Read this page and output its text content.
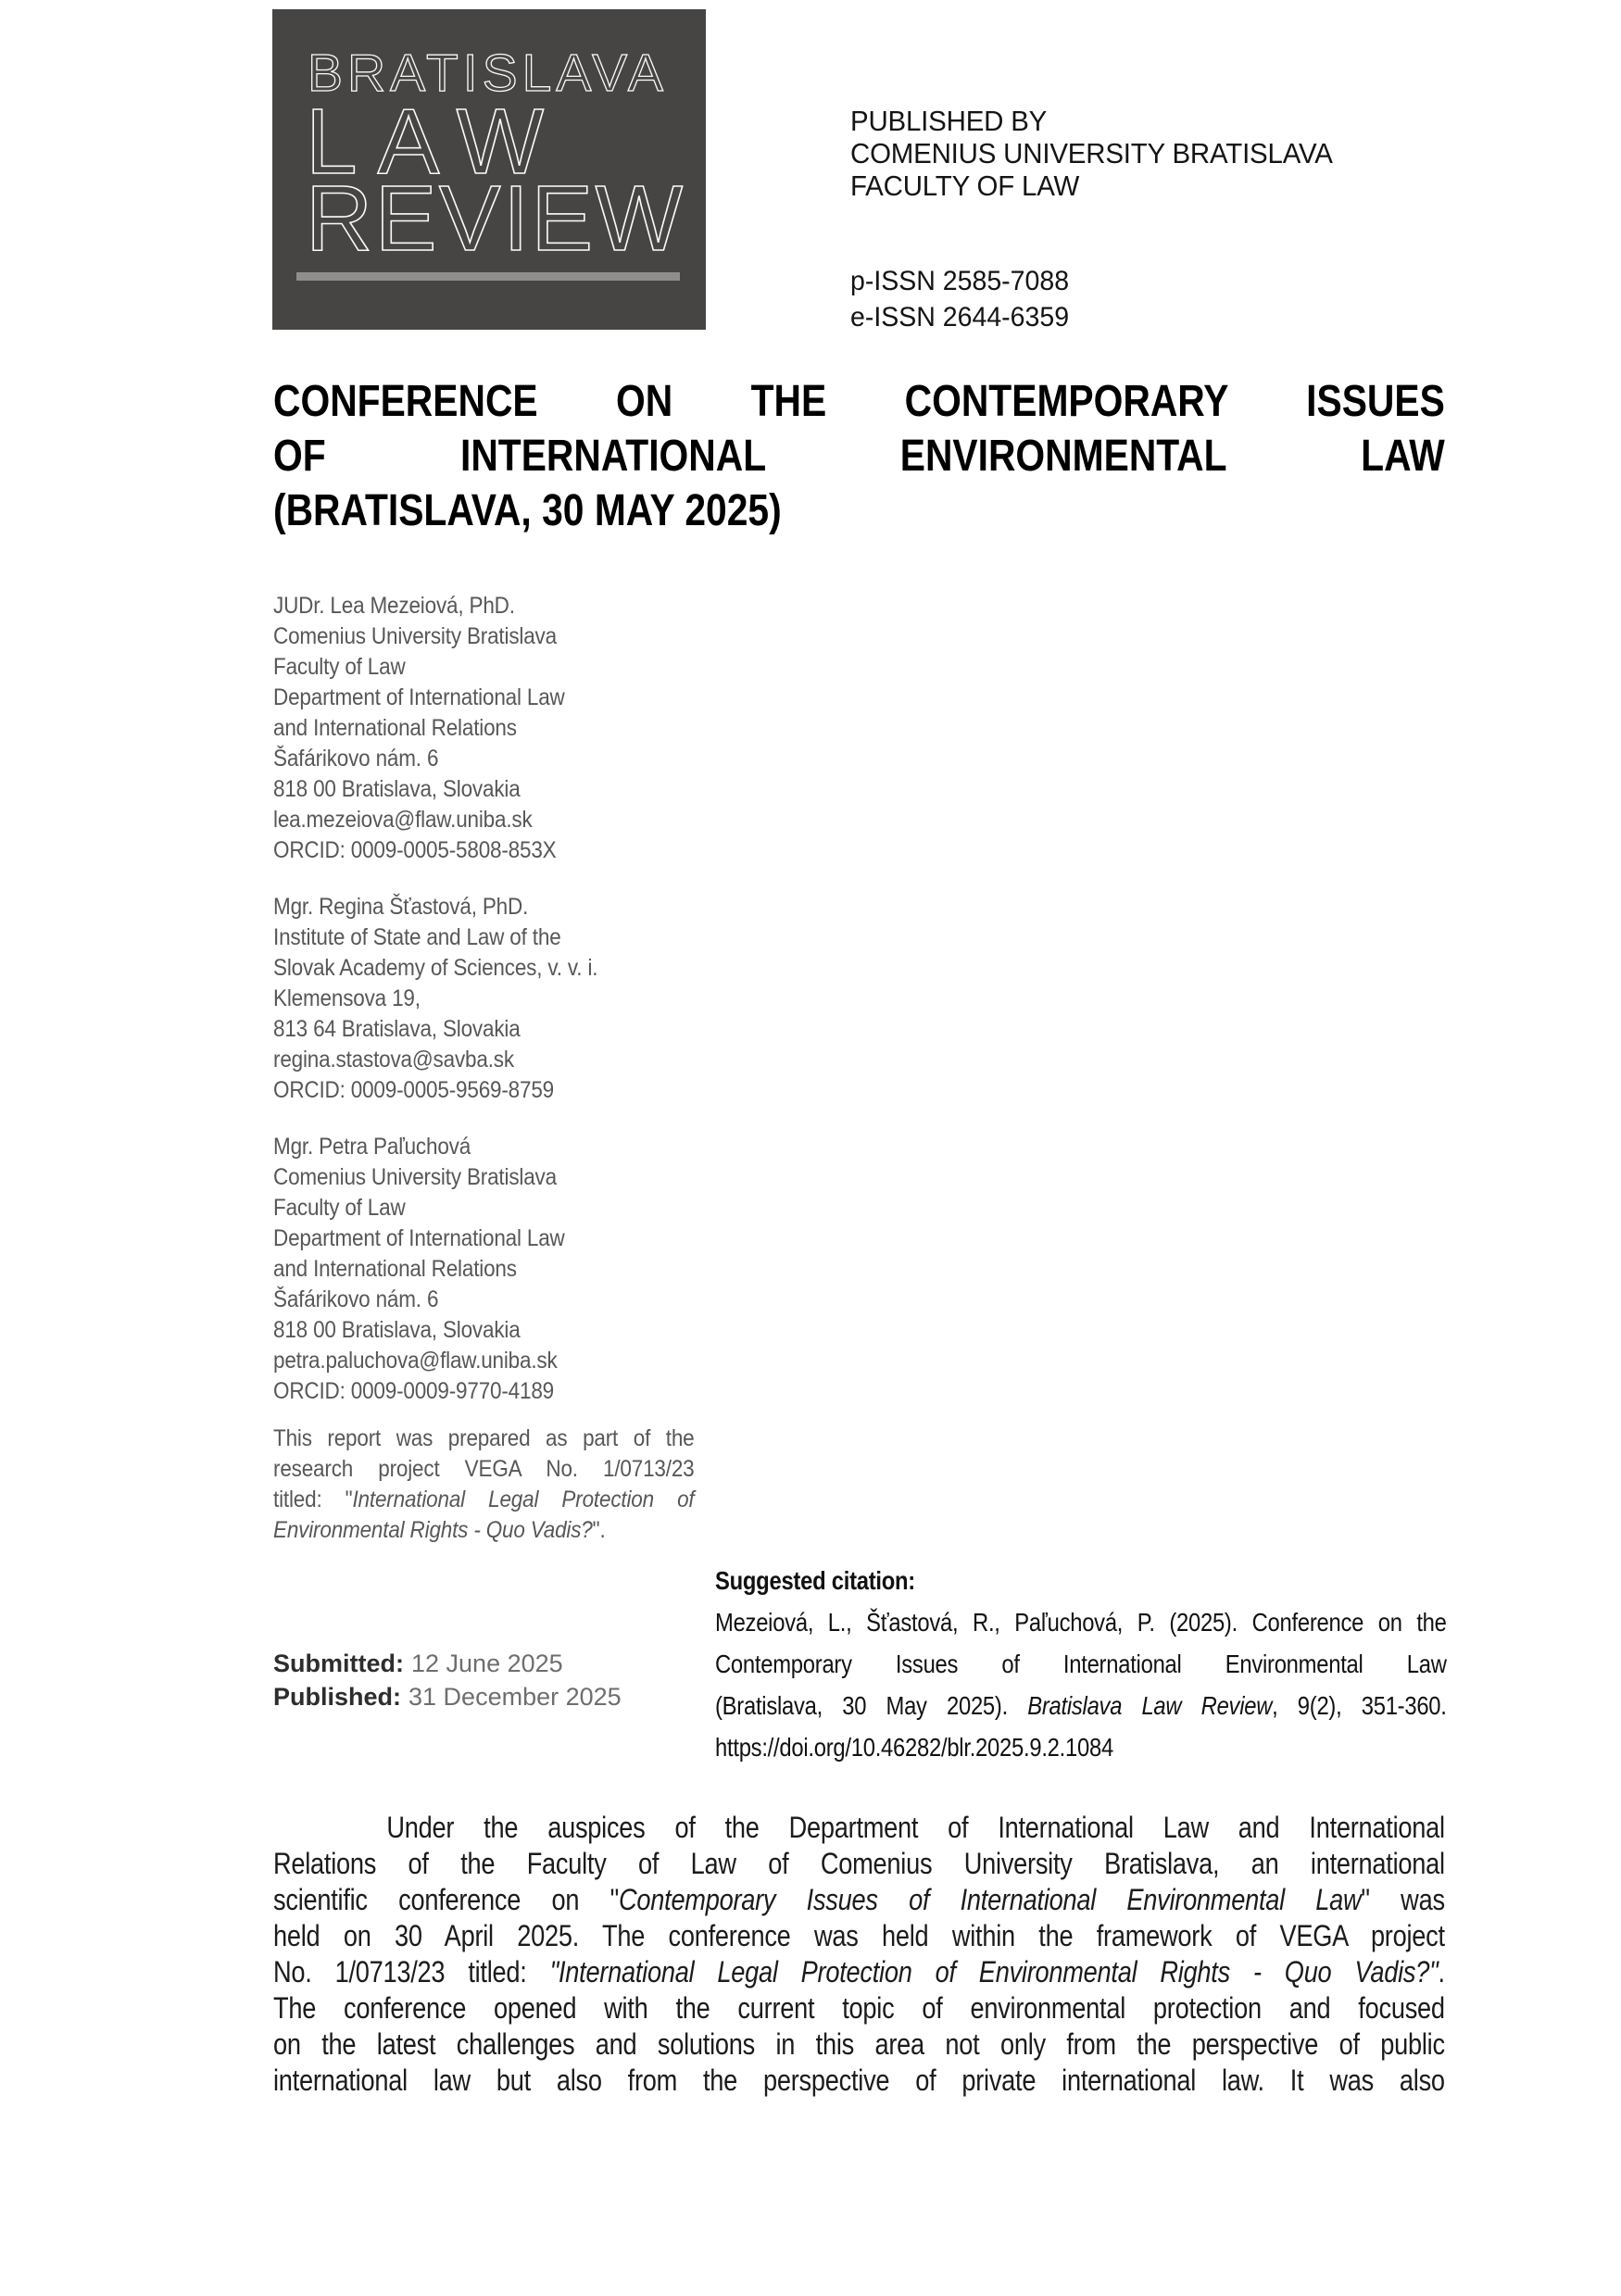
BRATISLAVA
LAW
REVIEW
PUBLISHED BY
COMENIUS UNIVERSITY BRATISLAVA
FACULTY OF LAW
p-ISSN 2585-7088
e-ISSN 2644-6359
CONFERENCE ON THE CONTEMPORARY ISSUES
OF INTERNATIONAL ENVIRONMENTAL LAW
(BRATISLAVA, 30 MAY 2025)
JUDr. Lea Mezeiová, PhD.
Comenius University Bratislava
Faculty of Law
Department of International Law
and International Relations
Šafárikovo nám. 6
818 00 Bratislava, Slovakia
lea.mezeiova@flaw.uniba.sk
ORCID: 0009-0005-5808-853X
Mgr. Regina Šťastová, PhD.
Institute of State and Law of the
Slovak Academy of Sciences, v. v. i.
Klemensova 19,
813 64 Bratislava, Slovakia
regina.stastova@savba.sk
ORCID: 0009-0005-9569-8759
Mgr. Petra Paľuchová
Comenius University Bratislava
Faculty of Law
Department of International Law
and International Relations
Šafárikovo nám. 6
818 00 Bratislava, Slovakia
petra.paluchova@flaw.uniba.sk
ORCID: 0009-0009-9770-4189
This report was prepared as part of the
research project VEGA No. 1/0713/23
titled: "International Legal Protection of
Environmental Rights - Quo Vadis?".
Submitted: 12 June 2025
Published: 31 December 2025
Suggested citation:
Mezeiová, L., Šťastová, R., Paľuchová, P. (2025). Conference on the
Contemporary Issues of International Environmental Law
(Bratislava, 30 May 2025). Bratislava Law Review, 9(2), 351-360.
https://doi.org/10.46282/blr.2025.9.2.1084
Under the auspices of the Department of International Law and International
Relations of the Faculty of Law of Comenius University Bratislava, an international
scientific conference on "Contemporary Issues of International Environmental Law" was
held on 30 April 2025. The conference was held within the framework of VEGA project
No. 1/0713/23 titled: "International Legal Protection of Environmental Rights - Quo Vadis?".
The conference opened with the current topic of environmental protection and focused
on the latest challenges and solutions in this area not only from the perspective of public
international law but also from the perspective of private international law. It was also
